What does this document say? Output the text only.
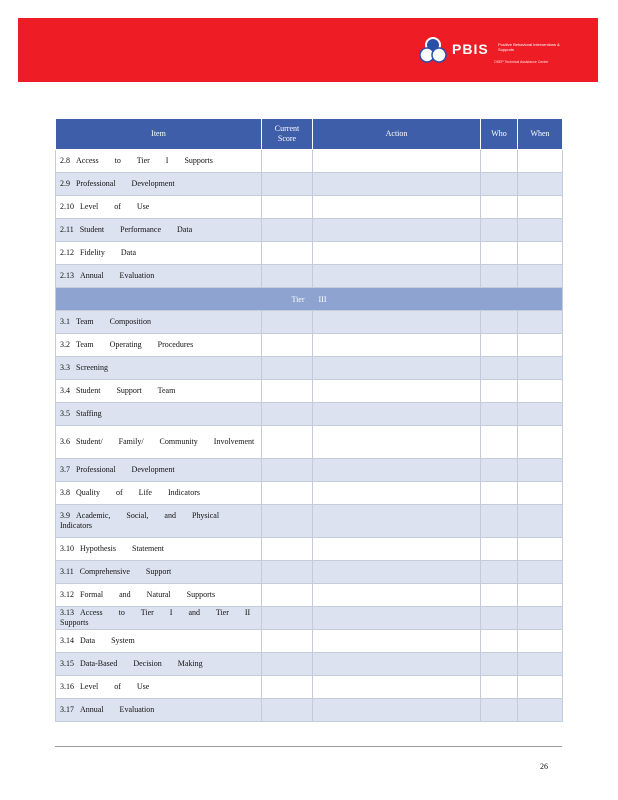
PBIS Positive Behavioral Interventions & Supports
OSEP Technical Assistance Center
Item	Current Score	Action	Who	When
2.8 Access to Tier I Supports				
2.9 Professional Development				
2.10 Level of Use				
2.11 Student Performance Data				
2.12 Fidelity Data				
2.13 Annual Evaluation				
Tier III				
3.1 Team Composition				
3.2 Team Operating Procedures				
3.3 Screening				
3.4 Student Support Team				
3.5 Staffing				
3.6 Student/ Family/ Community Involvement				
3.7 Professional Development				
3.8 Quality of Life Indicators				
3.9 Academic, Social, and Physical Indicators				
3.10 Hypothesis Statement				
3.11 Comprehensive Support				
3.12 Formal and Natural Supports				
3.13 Access to Tier I and Tier II Supports				
3.14 Data System				
3.15 Data-Based Decision Making				
3.16 Level of Use				
3.17 Annual Evaluation				
26
